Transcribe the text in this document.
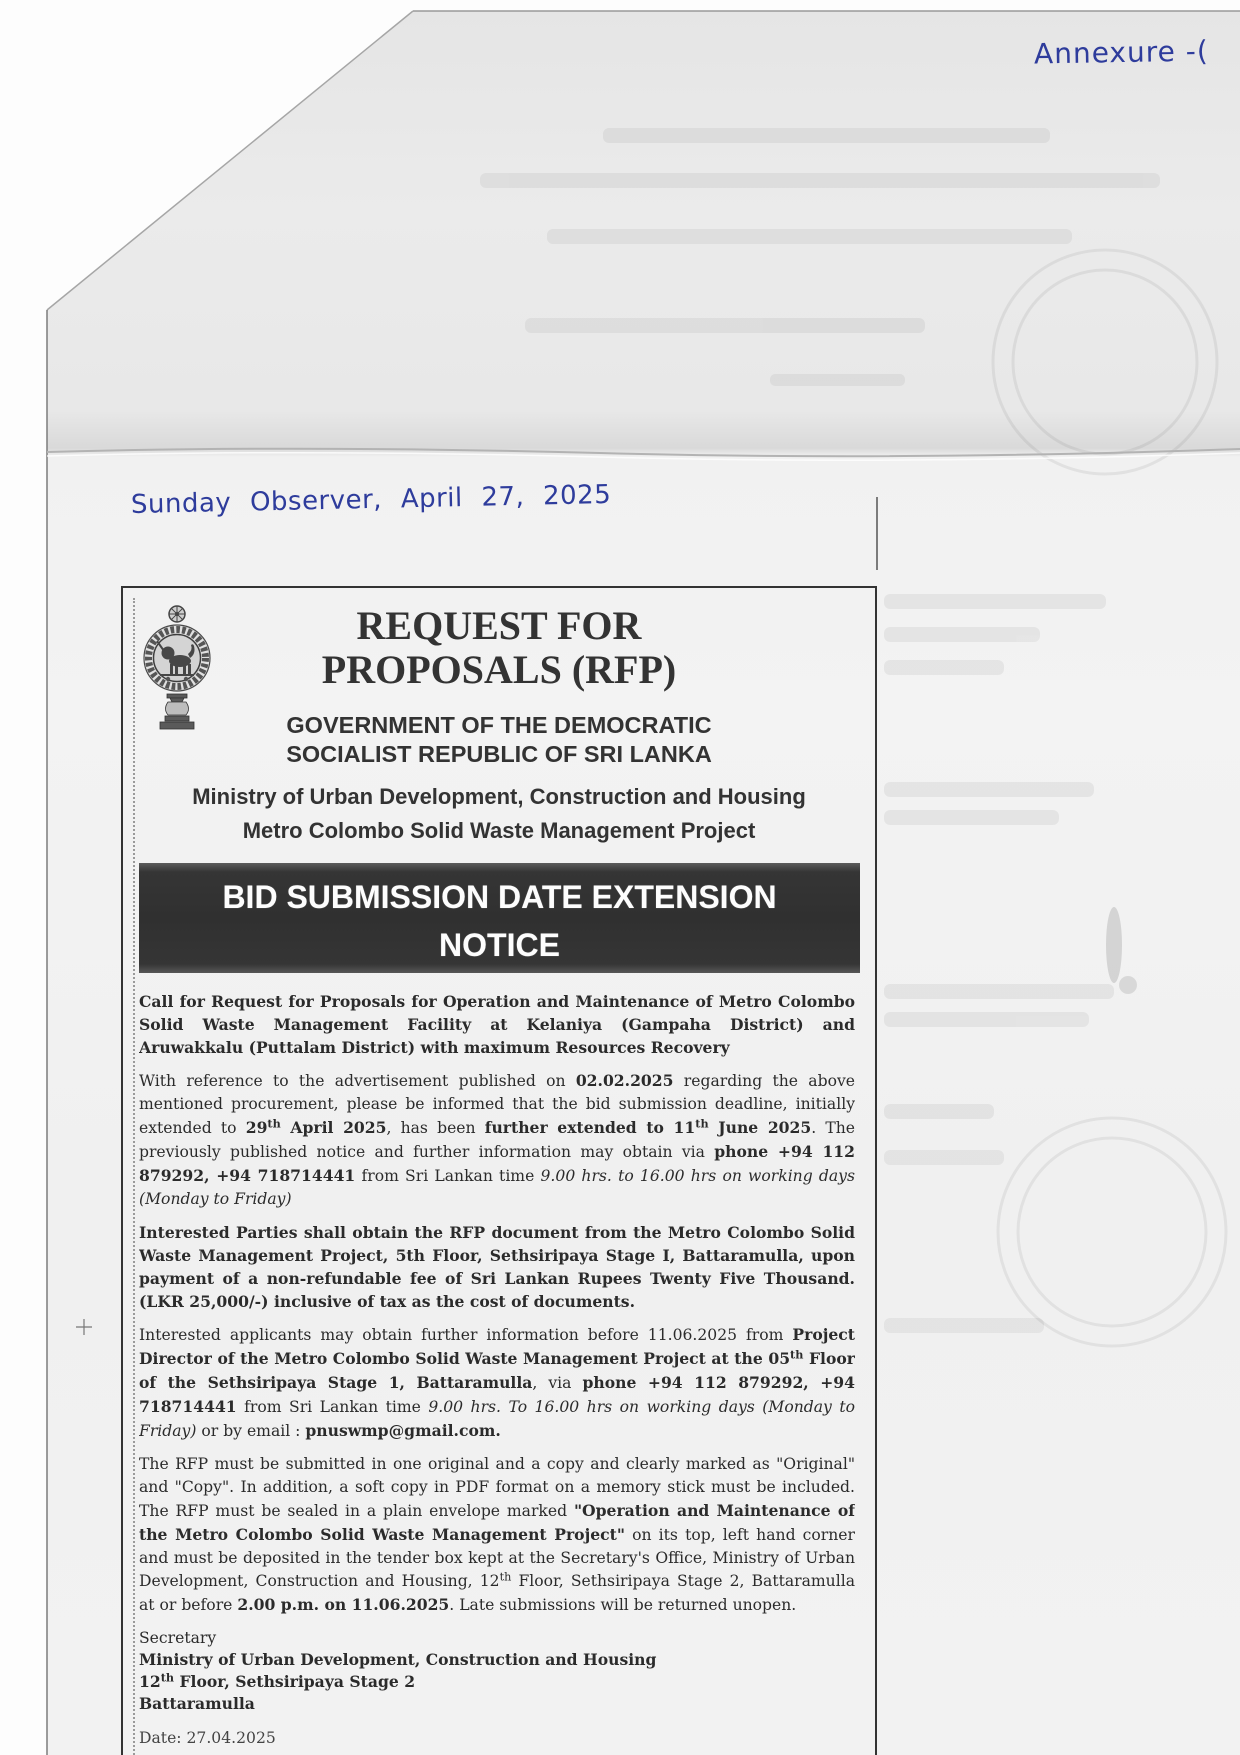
Annexure -(
Sunday Observer, April 27, 2025
REQUEST FOR
PROPOSALS (RFP)
GOVERNMENT OF THE DEMOCRATIC
SOCIALIST REPUBLIC OF SRI LANKA
Ministry of Urban Development, Construction and Housing
Metro Colombo Solid Waste Management Project
BID SUBMISSION DATE EXTENSION
NOTICE

Call for Request for Proposals for Operation and Maintenance of Metro Colombo Solid Waste Management Facility at Kelaniya (Gampaha District) and Aruwakkalu (Puttalam District) with maximum Resources Recovery

With reference to the advertisement published on 02.02.2025 regarding the above mentioned procurement, please be informed that the bid submission deadline, initially extended to 29th April 2025, has been further extended to 11th June 2025. The previously published notice and further information may obtain via phone +94 112 879292, +94 718714441 from Sri Lankan time 9.00 hrs. to 16.00 hrs on working days (Monday to Friday)

Interested Parties shall obtain the RFP document from the Metro Colombo Solid Waste Management Project, 5th Floor, Sethsiripaya Stage I, Battaramulla, upon payment of a non-refundable fee of Sri Lankan Rupees Twenty Five Thousand. (LKR 25,000/-) inclusive of tax as the cost of documents.

Interested applicants may obtain further information before 11.06.2025 from Project Director of the Metro Colombo Solid Waste Management Project at the 05th Floor of the Sethsiripaya Stage 1, Battaramulla, via phone +94 112 879292, +94 718714441 from Sri Lankan time 9.00 hrs. To 16.00 hrs on working days (Monday to Friday) or by email : pnuswmp@gmail.com.

The RFP must be submitted in one original and a copy and clearly marked as "Original" and "Copy". In addition, a soft copy in PDF format on a memory stick must be included. The RFP must be sealed in a plain envelope marked "Operation and Maintenance of the Metro Colombo Solid Waste Management Project" on its top, left hand corner and must be deposited in the tender box kept at the Secretary's Office, Ministry of Urban Development, Construction and Housing, 12th Floor, Sethsiripaya Stage 2, Battaramulla at or before 2.00 p.m. on 11.06.2025. Late submissions will be returned unopen.

Secretary

Ministry of Urban Development, Construction and Housing

12th Floor, Sethsiripaya Stage 2

Battaramulla

Date: 27.04.2025
